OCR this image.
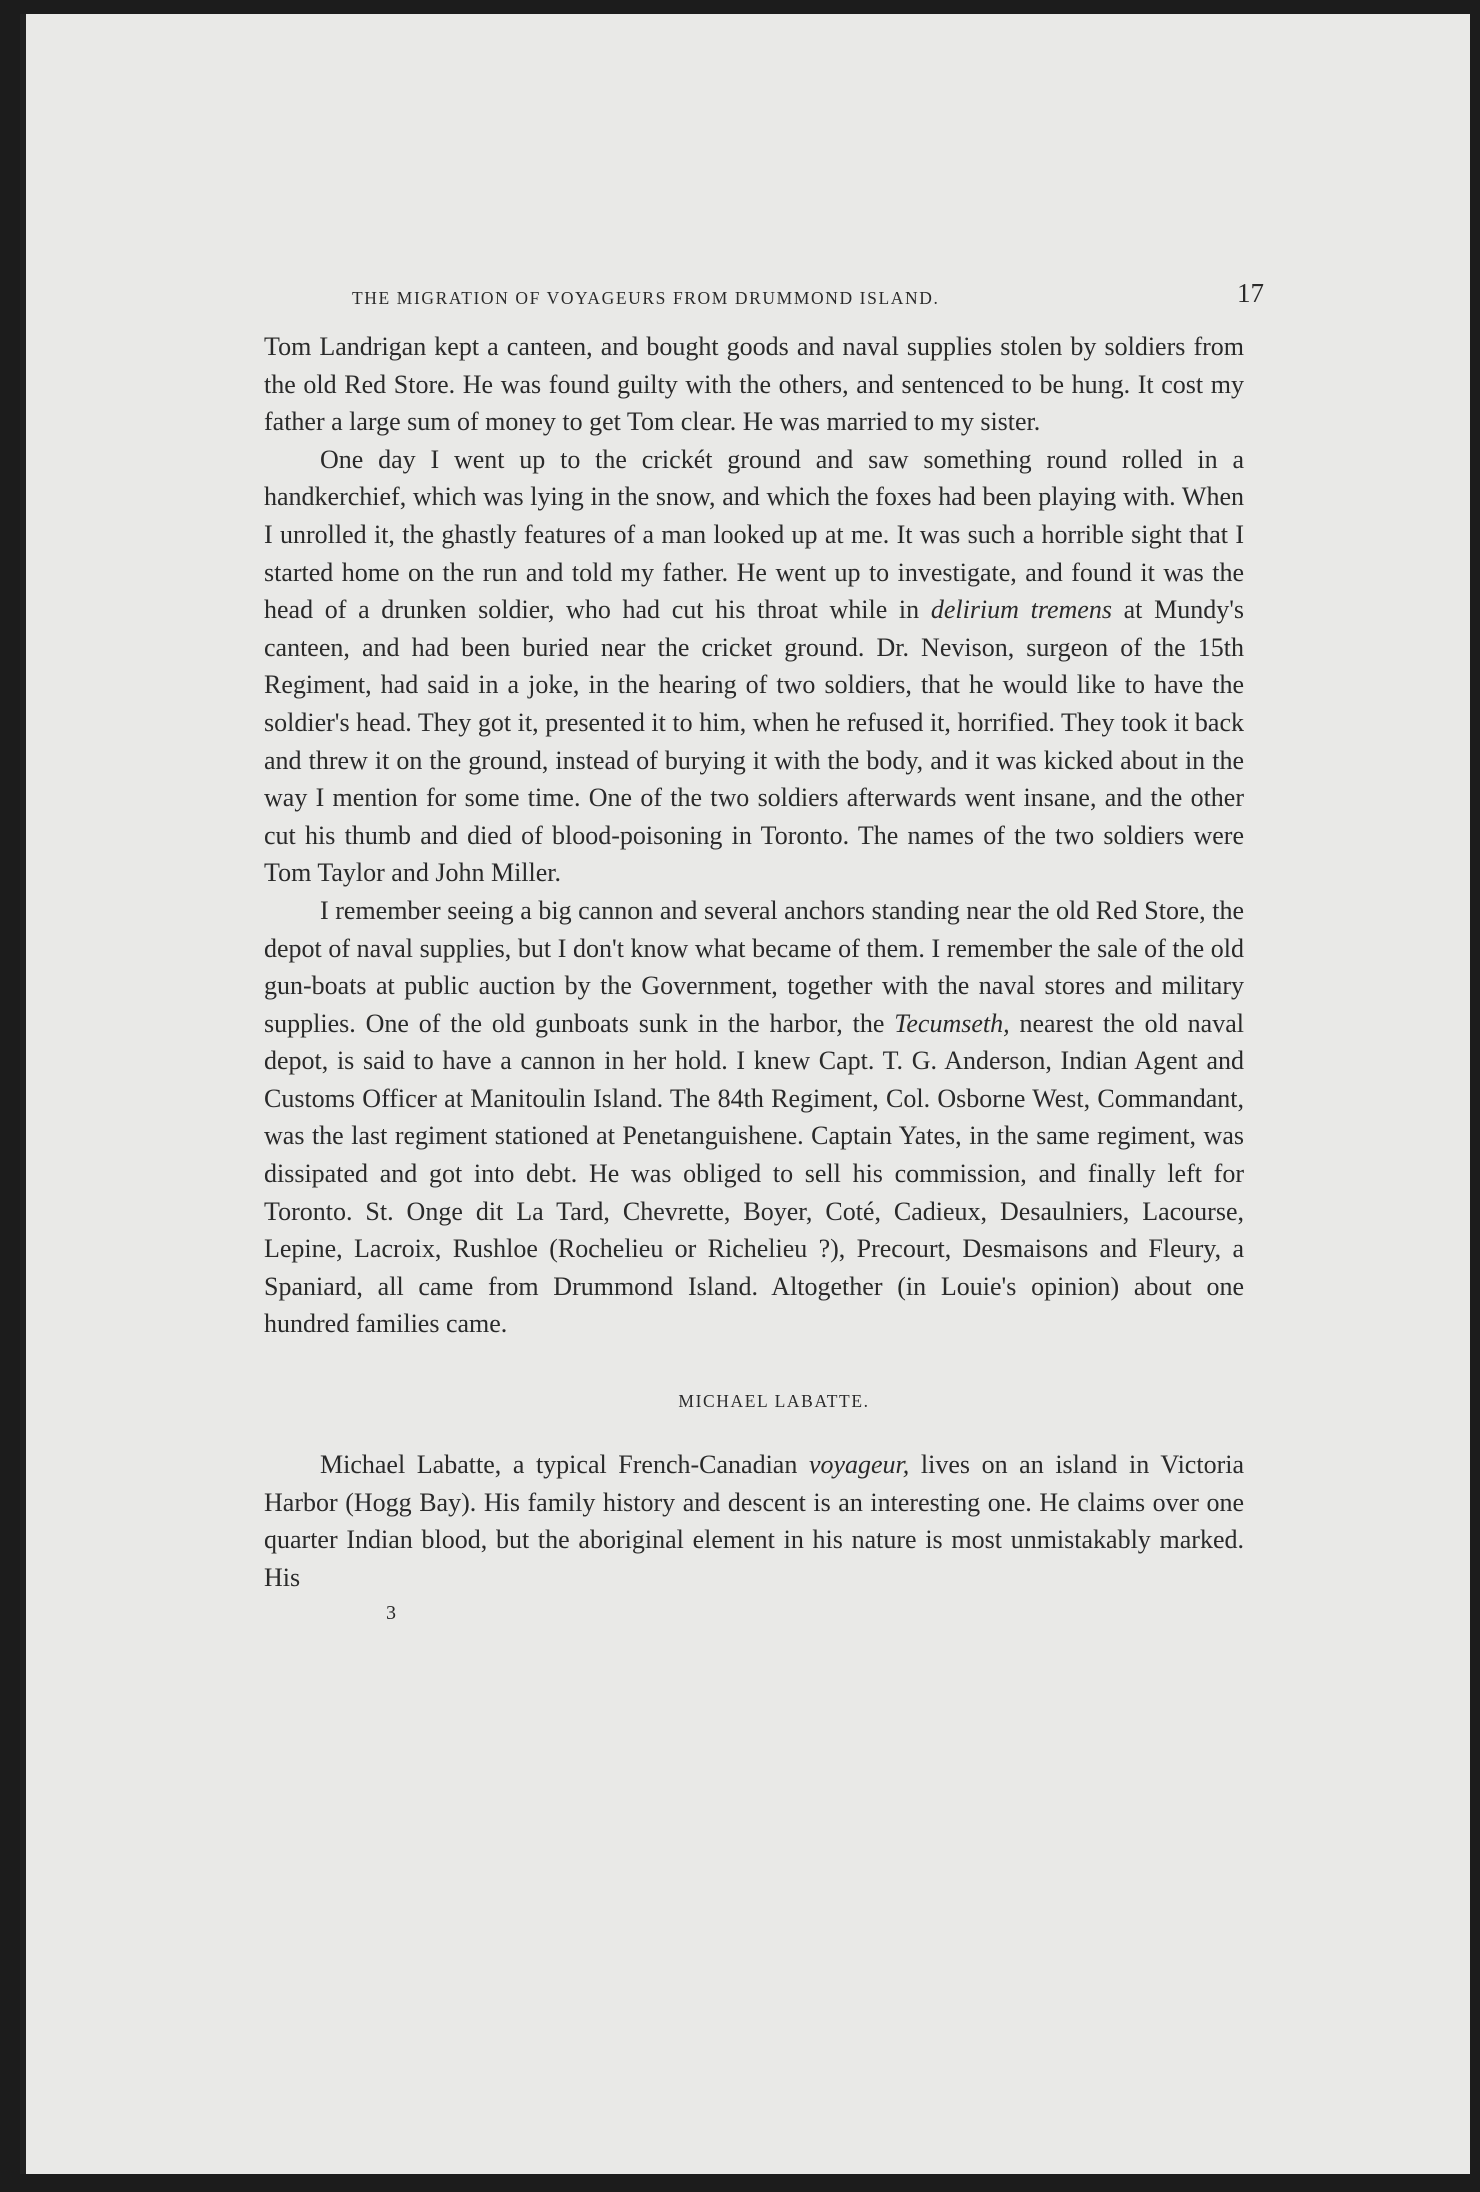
THE MIGRATION OF VOYAGEURS FROM DRUMMOND ISLAND.	17

Tom Landrigan kept a canteen, and bought goods and naval supplies stolen by soldiers from the old Red Store. He was found guilty with the others, and sentenced to be hung. It cost my father a large sum of money to get Tom clear. He was married to my sister.

One day I went up to the crickét ground and saw something round rolled in a handkerchief, which was lying in the snow, and which the foxes had been playing with. When I unrolled it, the ghastly features of a man looked up at me. It was such a horrible sight that I started home on the run and told my father. He went up to investigate, and found it was the head of a drunken soldier, who had cut his throat while in delirium tremens at Mundy's canteen, and had been buried near the cricket ground. Dr. Nevison, surgeon of the 15th Regiment, had said in a joke, in the hearing of two soldiers, that he would like to have the soldier's head. They got it, presented it to him, when he refused it, horrified. They took it back and threw it on the ground, instead of burying it with the body, and it was kicked about in the way I mention for some time. One of the two soldiers afterwards went insane, and the other cut his thumb and died of blood-poisoning in Toronto. The names of the two soldiers were Tom Taylor and John Miller.

I remember seeing a big cannon and several anchors standing near the old Red Store, the depot of naval supplies, but I don't know what became of them. I remember the sale of the old gun-boats at public auction by the Government, together with the naval stores and military supplies. One of the old gunboats sunk in the harbor, the Tecumseth, nearest the old naval depot, is said to have a cannon in her hold. I knew Capt. T. G. Anderson, Indian Agent and Customs Officer at Manitoulin Island. The 84th Regiment, Col. Osborne West, Commandant, was the last regiment stationed at Penetanguishene. Captain Yates, in the same regiment, was dissipated and got into debt. He was obliged to sell his commission, and finally left for Toronto. St. Onge dit La Tard, Chevrette, Boyer, Coté, Cadieux, Desaulniers, Lacourse, Lepine, Lacroix, Rushloe (Rochelieu or Richelieu ?), Precourt, Desmaisons and Fleury, a Spaniard, all came from Drummond Island. Altogether (in Louie's opinion) about one hundred families came.

MICHAEL LABATTE.

Michael Labatte, a typical French-Canadian voyageur, lives on an island in Victoria Harbor (Hogg Bay). His family history and descent is an interesting one. He claims over one quarter Indian blood, but the aboriginal element in his nature is most unmistakably marked. His

3
